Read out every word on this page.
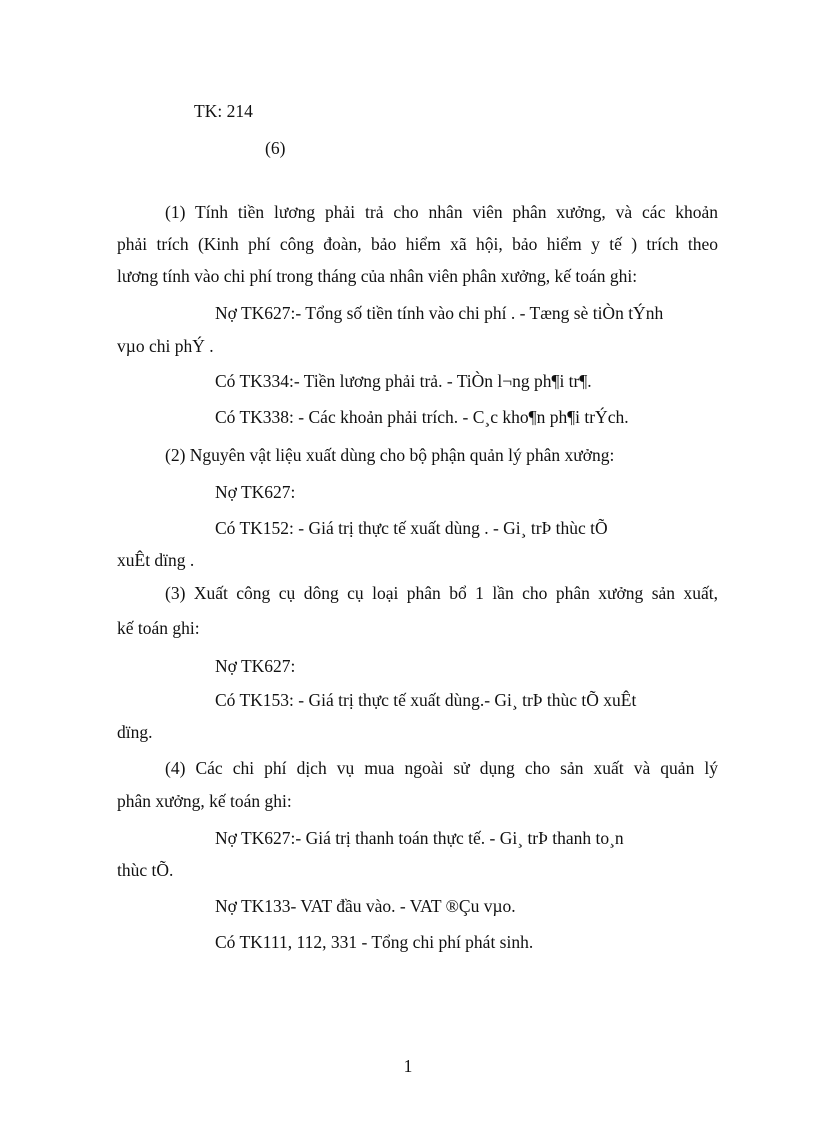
TK: 214
(6)
(1) Tính tiền lương phải trả cho nhân viên phân xưởng, và các khoản
phải trích (Kinh phí công đoàn, bảo hiểm xã hội, bảo hiểm y tế ) trích theo
lương tính vào chi phí trong tháng của nhân viên phân xưởng, kế toán ghi:
Nợ TK627:- Tổng số tiền tính vào chi phí . - Tæng sè tiÒn tÝnh
vµo chi phÝ .
Có TK334:- Tiền lương phải trả. - TiÒn l¬ng ph¶i tr¶.
Có TK338: - Các khoản phải trích. - C¸c kho¶n ph¶i trÝch.
(2) Nguyên vật liệu xuất dùng cho bộ phận quản lý phân xưởng:
Nợ TK627:
Có TK152: - Giá trị thực tế xuất dùng . - Gi¸ trÞ thùc tÕ
xuÊt dïng .
(3) Xuất công cụ dông cụ loại phân bổ 1 lần cho phân xưởng sản xuất,
kế toán ghi:
Nợ TK627:
Có TK153: - Giá trị thực tế xuất dùng.- Gi¸ trÞ thùc tÕ xuÊt
dïng.
(4) Các chi phí dịch vụ mua ngoài sử dụng cho sản xuất và quản lý
phân xưởng, kế toán ghi:
Nợ TK627:- Giá trị thanh toán thực tế. - Gi¸ trÞ thanh to¸n
thùc tÕ.
Nợ TK133- VAT đầu vào. - VAT ®Çu vµo.
Có TK111, 112, 331 - Tổng chi phí phát sinh.
1
